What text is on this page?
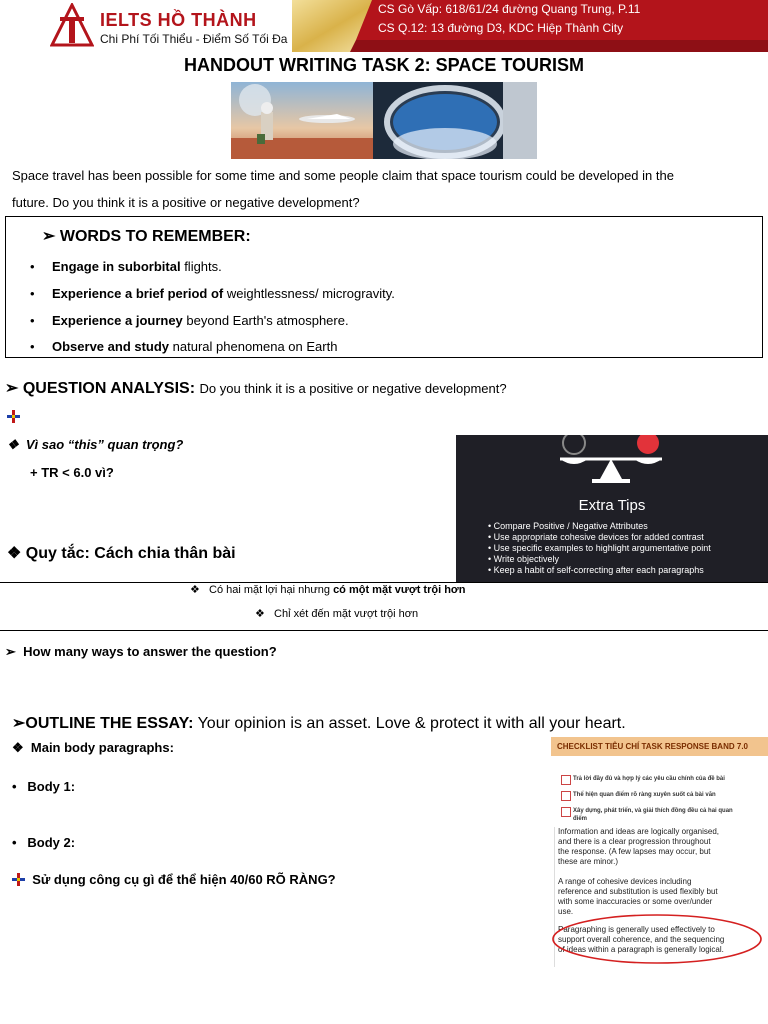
IELTS HỒ THÀNH
Chi Phí Tối Thiểu - Điểm Số Tối Đa
CS Gò Vấp: 618/61/24 đường Quang Trung, P.11
CS Q.12: 13 đường D3, KDC Hiệp Thành City
HANDOUT WRITING TASK 2: SPACE TOURISM
Space travel has been possible for some time and some people claim that space tourism could be developed in the
future. Do you think it is a positive or negative development?
➢ WORDS TO REMEMBER:
• Engage in suborbital flights.
• Experience a brief period of weightlessness/ microgravity.
• Experience a journey beyond Earth's atmosphere.
• Observe and study natural phenomena on Earth
➢ QUESTION ANALYSIS: Do you think it is a positive or negative development?
❖  Vì sao “this” quan trọng?
+ TR < 6.0 vì?
❖ Quy tắc: Cách chia thân bài
Extra Tips
• Compare Positive / Negative Attributes
• Use appropriate cohesive devices for added contrast
• Use specific examples to highlight argumentative point
• Write objectively
• Keep a habit of self-correcting after each paragraphs
❖   Có hai mặt lợi hại nhưng có một mặt vượt trội hơn
❖   Chỉ xét đến mặt vượt trội hơn
➢  How many ways to answer the question?
➢OUTLINE THE ESSAY: Your opinion is an asset. Love & protect it with all your heart.
❖  Main body paragraphs:
•   Body 1:
•   Body 2:
Sử dụng công cụ gì để thể hiện 40/60 RÕ RÀNG?
CHECKLIST TIÊU CHÍ TASK RESPONSE BAND 7.0
Trả lời đầy đủ và hợp lý các yêu cầu chính của đề bài
Thể hiện quan điểm rõ ràng xuyên suốt cả bài văn
Xây dựng, phát triển, và giải thích đồng đều cả hai quan
điểm
Information and ideas are logically organised,
and there is a clear progression throughout
the response. (A few lapses may occur, but
these are minor.)
A range of cohesive devices including
reference and substitution is used flexibly but
with some inaccuracies or some over/under
use.
Paragraphing is generally used effectively to
support overall coherence, and the sequencing
of ideas within a paragraph is generally logical.
